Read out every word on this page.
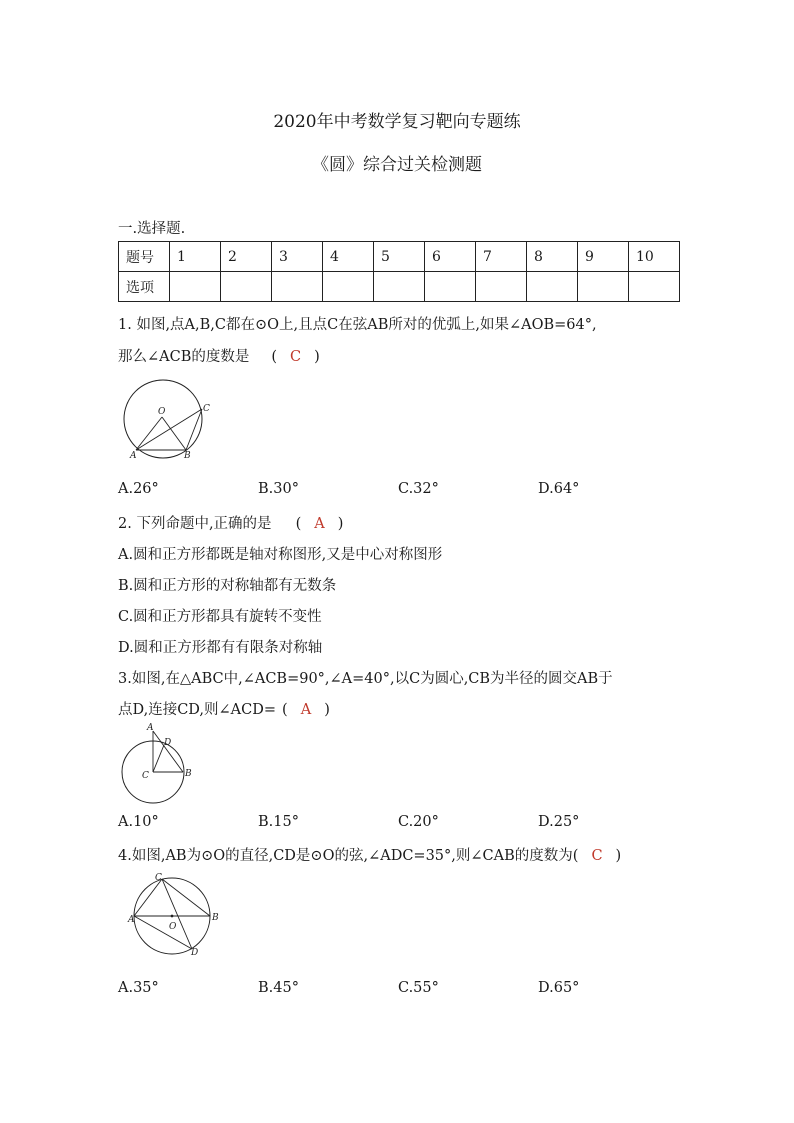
2020年中考数学复习靶向专题练
《圆》综合过关检测题
一.选择题.
题号	1	2	3	4	5	6	7	8	9	10
选项										
1. 如图,点A,B,C都在⊙O上,且点C在弦AB所对的优弧上,如果∠AOB=64°,
那么∠ACB的度数是 ( C )
O
A	B
C
A.26°	B.30°	C.32°	D.64°
2. 下列命题中,正确的是 ( A )
A.圆和正方形都既是轴对称图形,又是中心对称图形
B.圆和正方形的对称轴都有无数条
C.圆和正方形都具有旋转不变性
D.圆和正方形都有有限条对称轴
3.如图,在△ABC中,∠ACB=90°,∠A=40°,以C为圆心,CB为半径的圆交AB于
点D,连接CD,则∠ACD= ( A )
A
D
C	B
A.10°	B.15°	C.20°	D.25°
4.如图,AB为⊙O的直径,CD是⊙O的弦,∠ADC=35°,则∠CAB的度数为( C )
C
A	B
O
D
A.35°	B.45°	C.55°	D.65°
